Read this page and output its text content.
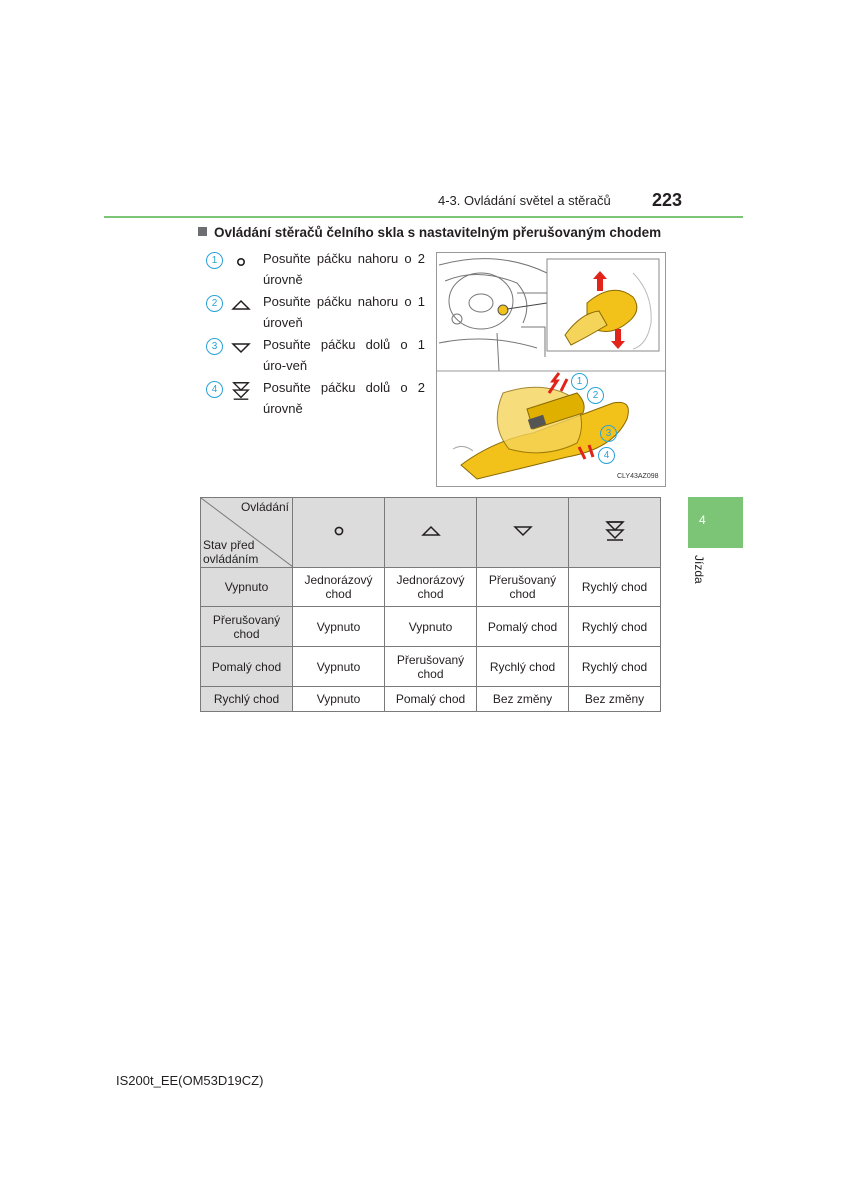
4-3. Ovládání světel a stěračů 223
Ovládání stěračů čelního skla s nastavitelným přerušovaným chodem
1	Posuňte páčku nahoru o 2 úrovně
2	Posuňte páčku nahoru o 1 úroveň
3	Posuňte páčku dolů o 1 úro-veň
4	Posuňte páčku dolů o 2 úrovně
1
2
3
4
CLY43AZ098
4
Jízda
Ovládání
Stav před ovládáním

Vypnuto	Jednorázový chod	Jednorázový chod	Přerušovaný chod	Rychlý chod
Přerušovaný chod	Vypnuto	Vypnuto	Pomalý chod	Rychlý chod
Pomalý chod	Vypnuto	Přerušovaný chod	Rychlý chod	Rychlý chod
Rychlý chod	Vypnuto	Pomalý chod	Bez změny	Bez změny
IS200t_EE(OM53D19CZ)
